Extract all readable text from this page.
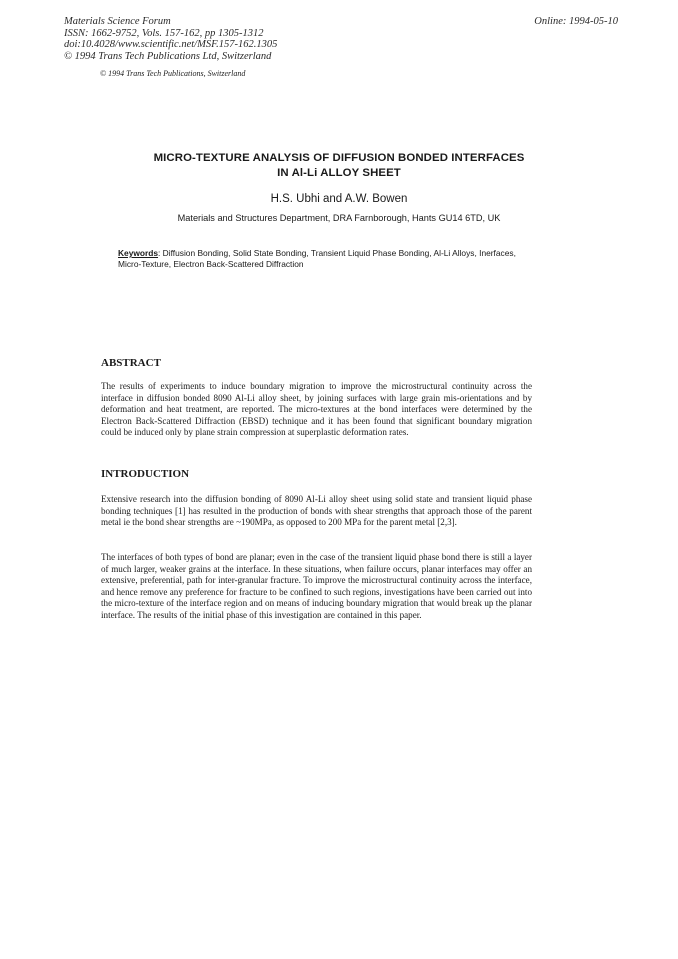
Materials Science Forum
ISSN: 1662-9752, Vols. 157-162, pp 1305-1312
doi:10.4028/www.scientific.net/MSF.157-162.1305
© 1994 Trans Tech Publications Ltd, Switzerland
Online: 1994-05-10
© 1994 Trans Tech Publications, Switzerland
MICRO-TEXTURE ANALYSIS OF DIFFUSION BONDED INTERFACES
IN Al-Li ALLOY SHEET
H.S. Ubhi and A.W. Bowen
Materials and Structures Department, DRA Farnborough, Hants GU14 6TD, UK
Keywords: Diffusion Bonding, Solid State Bonding, Transient Liquid Phase Bonding, Al-Li Alloys, Inerfaces, Micro-Texture, Electron Back-Scattered Diffraction
ABSTRACT
The results of experiments to induce boundary migration to improve the microstructural continuity across the interface in diffusion bonded 8090 Al-Li alloy sheet, by joining surfaces with large grain mis-orientations and by deformation and heat treatment, are reported. The micro-textures at the bond interfaces were determined by the Electron Back-Scattered Diffraction (EBSD) technique and it has been found that significant boundary migration could be induced only by plane strain compression at superplastic deformation rates.
INTRODUCTION
Extensive research into the diffusion bonding of 8090 Al-Li alloy sheet using solid state and transient liquid phase bonding techniques [1] has resulted in the production of bonds with shear strengths that approach those of the parent metal ie the bond shear strengths are ~190MPa, as opposed to 200 MPa for the parent metal [2,3].
The interfaces of both types of bond are planar; even in the case of the transient liquid phase bond there is still a layer of much larger, weaker grains at the interface. In these situations, when failure occurs, planar interfaces may offer an extensive, preferential, path for inter-granular fracture. To improve the microstructural continuity across the interface, and hence remove any preference for fracture to be confined to such regions, investigations have been carried out into the micro-texture of the interface region and on means of inducing boundary migration that would break up the planar interface. The results of the initial phase of this investigation are contained in this paper.
